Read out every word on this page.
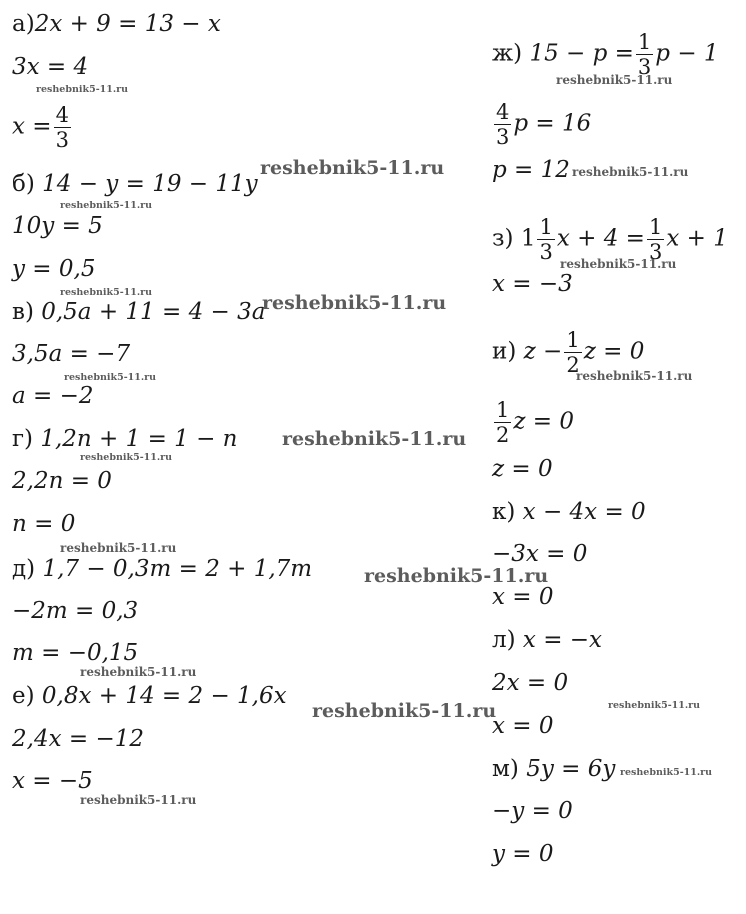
а)2x + 9 = 13 − x
3x = 4
$x = \frac{4}{3}$
б) 14 − y = 19 − 11y
10y = 5
y = 0,5
в) 0,5a + 11 = 4 − 3a
3,5a = −7
a = −2
г) 1,2n + 1 = 1 − n
2,2n = 0
n = 0
д) 1,7 − 0,3m = 2 + 1,7m
−2m = 0,3
m = −0,15
е) 0,8x + 14 = 2 − 1,6x
2,4x = −12
x = −5
ж) $15 - p = \frac{1}{3}$ p − 1
$\frac{4}{3}$ p = 16
p = 12
з) $1 \frac{1}{3}$ $x + 4 = \frac{1}{3}$ x + 1
x = −3
и) $z - \frac{1}{2}$ z = 0
$\frac{1}{2}$ z = 0
z = 0
к) x − 4x = 0
−3x = 0
x = 0
л) x = −x
2x = 0
x = 0
м) 5y = 6y
−y = 0
y = 0
reshebnik5-11.ru
reshebnik5-11.ru
reshebnik5-11.ru
reshebnik5-11.ru	reshebnik5-11.ru
reshebnik5-11.ru
reshebnik5-11.ru
reshebnik5-11.ru
reshebnik5-11.ru
reshebnik5-11.ru
reshebnik5-11.ru
reshebnik5-11.ru
reshebnik5-11.ru
reshebnik5-11.ru
reshebnik5-11.ru
reshebnik5-11.ru
reshebnik5-11.ru
reshebnik5-11.ru
reshebnik5-11.ru
